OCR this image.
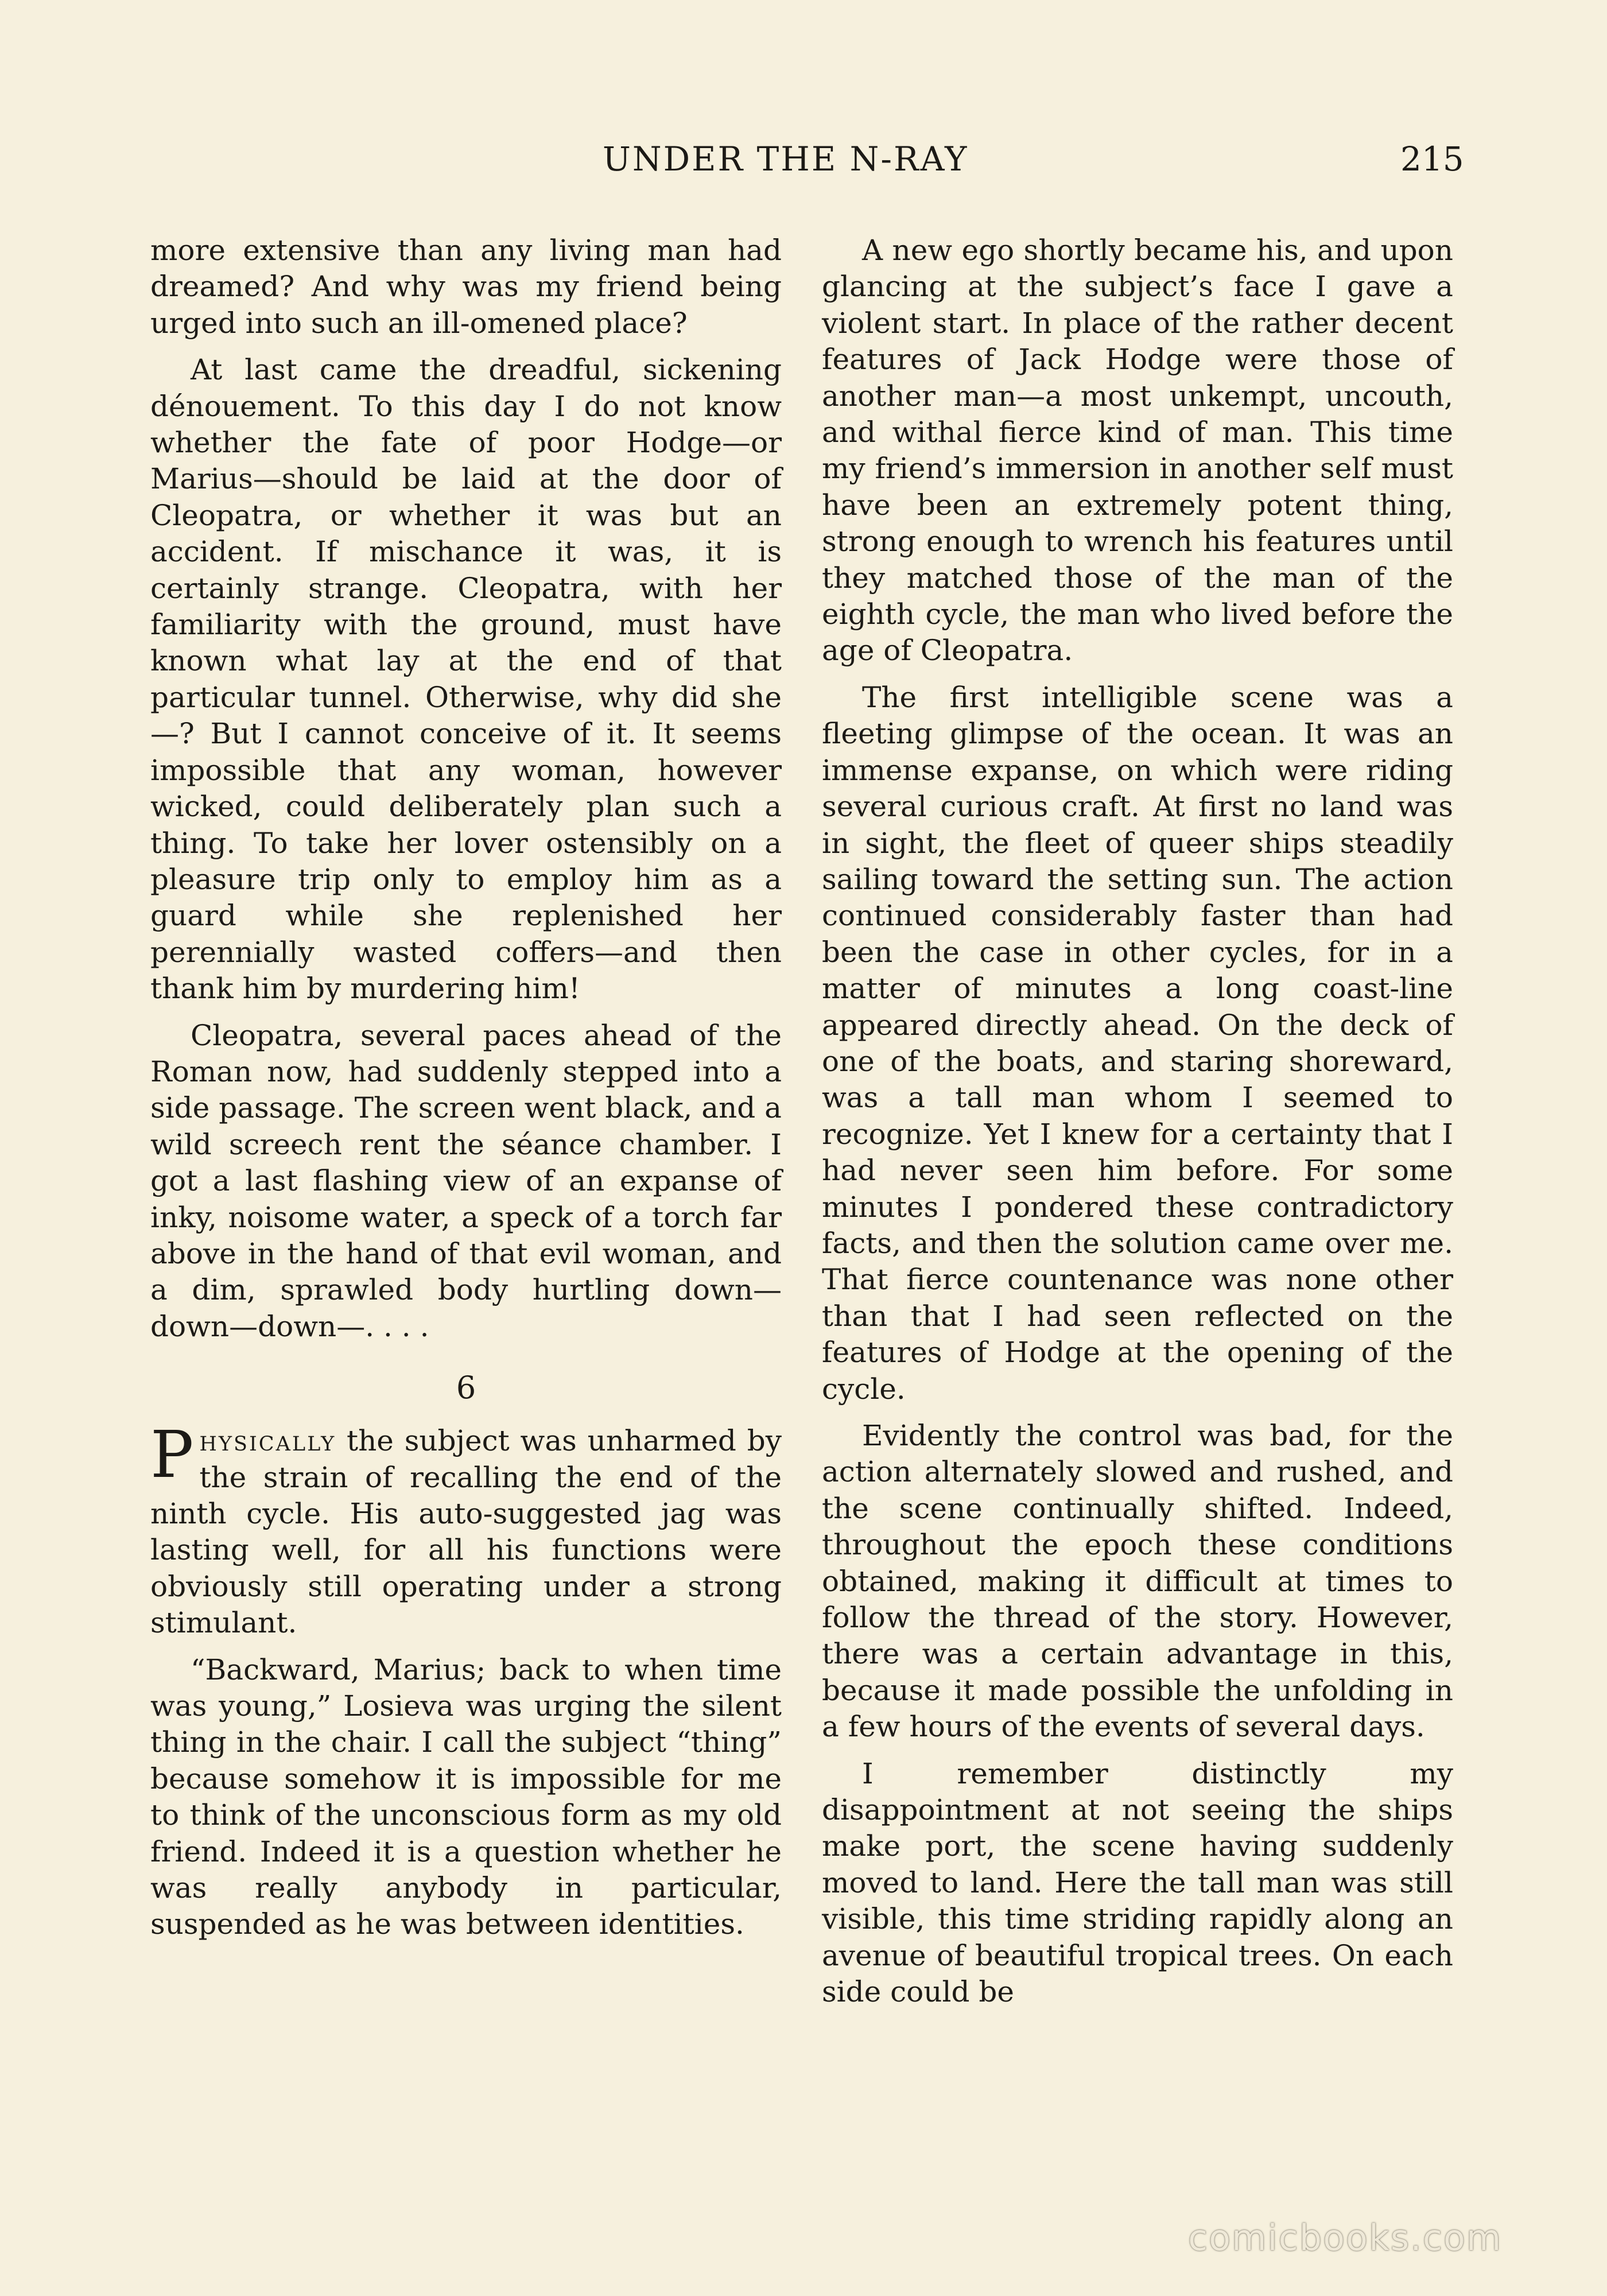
UNDER THE N-RAY	215

more extensive than any living man had dreamed? And why was my friend being urged into such an ill-omened place?

At last came the dreadful, sickening dénouement. To this day I do not know whether the fate of poor Hodge—or Marius—should be laid at the door of Cleopatra, or whether it was but an accident. If mischance it was, it is certainly strange. Cleopatra, with her familiarity with the ground, must have known what lay at the end of that particular tunnel. Otherwise, why did she—? But I cannot conceive of it. It seems impossible that any woman, however wicked, could deliberately plan such a thing. To take her lover ostensibly on a pleasure trip only to employ him as a guard while she replenished her perennially wasted coffers—and then thank him by murdering him!

Cleopatra, several paces ahead of the Roman now, had suddenly stepped into a side passage. The screen went black, and a wild screech rent the séance chamber. I got a last flashing view of an expanse of inky, noisome water, a speck of a torch far above in the hand of that evil woman, and a dim, sprawled body hurtling down—down—down—. . . .

6

Physically the subject was unharmed by the strain of recalling the end of the ninth cycle. His auto-suggested jag was lasting well, for all his functions were obviously still operating under a strong stimulant.

“Backward, Marius; back to when time was young,” Losieva was urging the silent thing in the chair. I call the subject “thing” because somehow it is impossible for me to think of the unconscious form as my old friend. Indeed it is a question whether he was really anybody in particular, suspended as he was between identities.

A new ego shortly became his, and upon glancing at the subject’s face I gave a violent start. In place of the rather decent features of Jack Hodge were those of another man—a most unkempt, uncouth, and withal fierce kind of man. This time my friend’s immersion in another self must have been an extremely potent thing, strong enough to wrench his features until they matched those of the man of the eighth cycle, the man who lived before the age of Cleopatra.

The first intelligible scene was a fleeting glimpse of the ocean. It was an immense expanse, on which were riding several curious craft. At first no land was in sight, the fleet of queer ships steadily sailing toward the setting sun. The action continued considerably faster than had been the case in other cycles, for in a matter of minutes a long coast-line appeared directly ahead. On the deck of one of the boats, and staring shoreward, was a tall man whom I seemed to recognize. Yet I knew for a certainty that I had never seen him before. For some minutes I pondered these contradictory facts, and then the solution came over me. That fierce countenance was none other than that I had seen reflected on the features of Hodge at the opening of the cycle.

Evidently the control was bad, for the action alternately slowed and rushed, and the scene continually shifted. Indeed, throughout the epoch these conditions obtained, making it difficult at times to follow the thread of the story. However, there was a certain advantage in this, because it made possible the unfolding in a few hours of the events of several days.

I remember distinctly my disappointment at not seeing the ships make port, the scene having suddenly moved to land. Here the tall man was still visible, this time striding rapidly along an avenue of beautiful tropical trees. On each side could be

comicbooks.com
